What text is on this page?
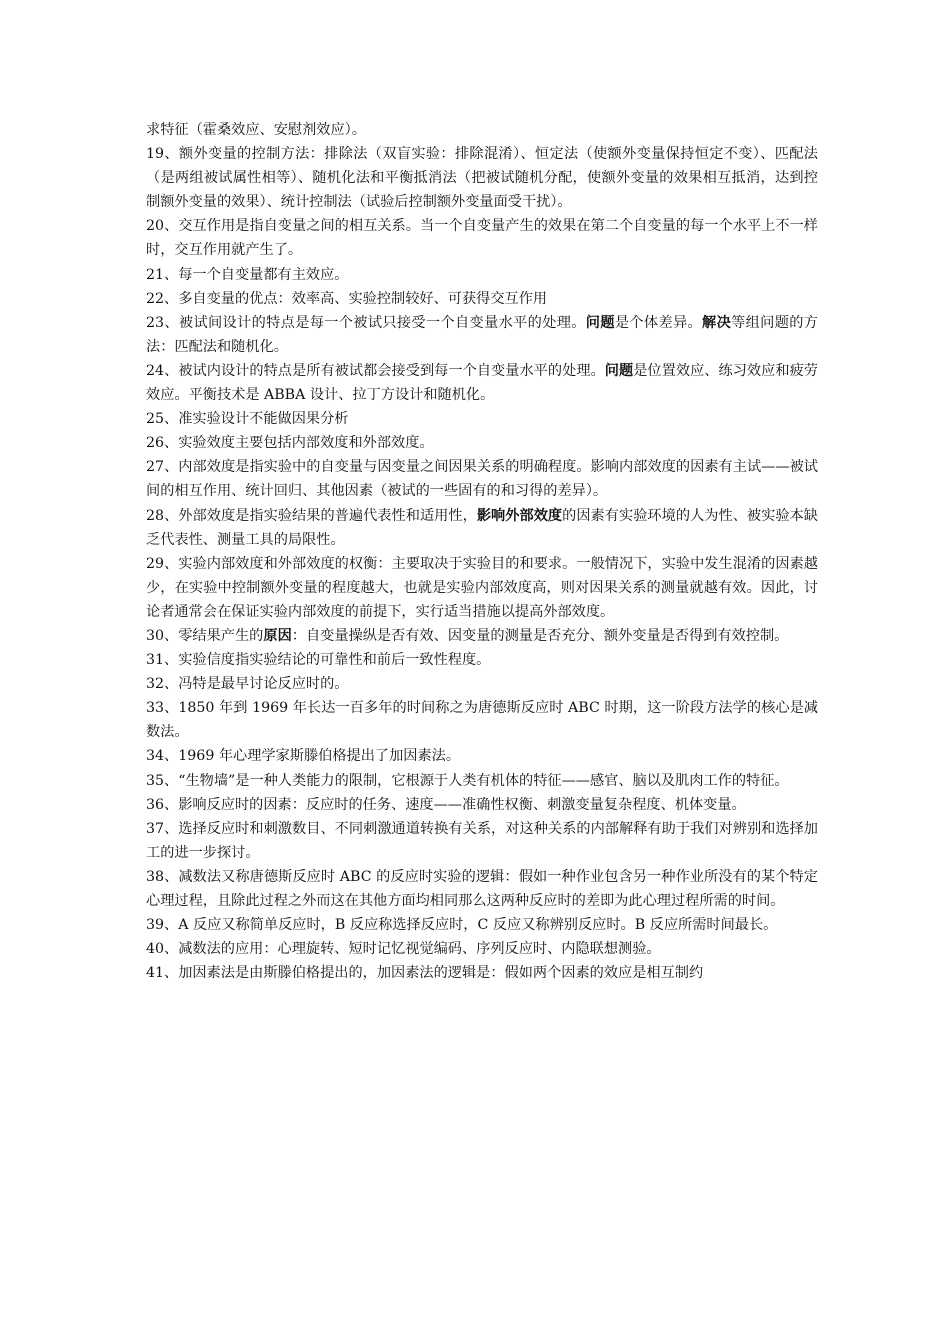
求特征（霍桑效应、安慰剂效应）。

19、额外变量的控制方法：排除法（双盲实验：排除混淆）、恒定法（使额外变量保持恒定不变）、匹配法（是两组被试属性相等）、随机化法和平衡抵消法（把被试随机分配，使额外变量的效果相互抵消，达到控制额外变量的效果）、统计控制法（试验后控制额外变量面受干扰）。

20、交互作用是指自变量之间的相互关系。当一个自变量产生的效果在第二个自变量的每一个水平上不一样时，交互作用就产生了。

21、每一个自变量都有主效应。

22、多自变量的优点：效率高、实验控制较好、可获得交互作用

23、被试间设计的特点是每一个被试只接受一个自变量水平的处理。问题是个体差异。解决等组问题的方法：匹配法和随机化。

24、被试内设计的特点是所有被试都会接受到每一个自变量水平的处理。问题是位置效应、练习效应和疲劳效应。平衡技术是 ABBA 设计、拉丁方设计和随机化。

25、准实验设计不能做因果分析

26、实验效度主要包括内部效度和外部效度。

27、内部效度是指实验中的自变量与因变量之间因果关系的明确程度。影响内部效度的因素有主试——被试间的相互作用、统计回归、其他因素（被试的一些固有的和习得的差异）。

28、外部效度是指实验结果的普遍代表性和适用性，影响外部效度的因素有实验环境的人为性、被实验本缺乏代表性、测量工具的局限性。

29、实验内部效度和外部效度的权衡：主要取决于实验目的和要求。一般情况下，实验中发生混淆的因素越少，在实验中控制额外变量的程度越大，也就是实验内部效度高，则对因果关系的测量就越有效。因此，讨论者通常会在保证实验内部效度的前提下，实行适当措施以提高外部效度。

30、零结果产生的原因：自变量操纵是否有效、因变量的测量是否充分、额外变量是否得到有效控制。

31、实验信度指实验结论的可靠性和前后一致性程度。

32、冯特是最早讨论反应时的。

33、1850 年到 1969 年长达一百多年的时间称之为唐德斯反应时 ABC 时期，这一阶段方法学的核心是减数法。

34、1969 年心理学家斯滕伯格提出了加因素法。

35、“生物墙”是一种人类能力的限制，它根源于人类有机体的特征——感官、脑以及肌肉工作的特征。

36、影响反应时的因素：反应时的任务、速度——准确性权衡、刺激变量复杂程度、机体变量。

37、选择反应时和刺激数目、不同刺激通道转换有关系，对这种关系的内部解释有助于我们对辨别和选择加工的进一步探讨。

38、减数法又称唐德斯反应时 ABC 的反应时实验的逻辑：假如一种作业包含另一种作业所没有的某个特定心理过程，且除此过程之外而这在其他方面均相同那么这两种反应时的差即为此心理过程所需的时间。

39、A 反应又称简单反应时，B 反应称选择反应时，C 反应又称辨别反应时。B 反应所需时间最长。

40、减数法的应用：心理旋转、短时记忆视觉编码、序列反应时、内隐联想测验。

41、加因素法是由斯滕伯格提出的，加因素法的逻辑是：假如两个因素的效应是相互制约
